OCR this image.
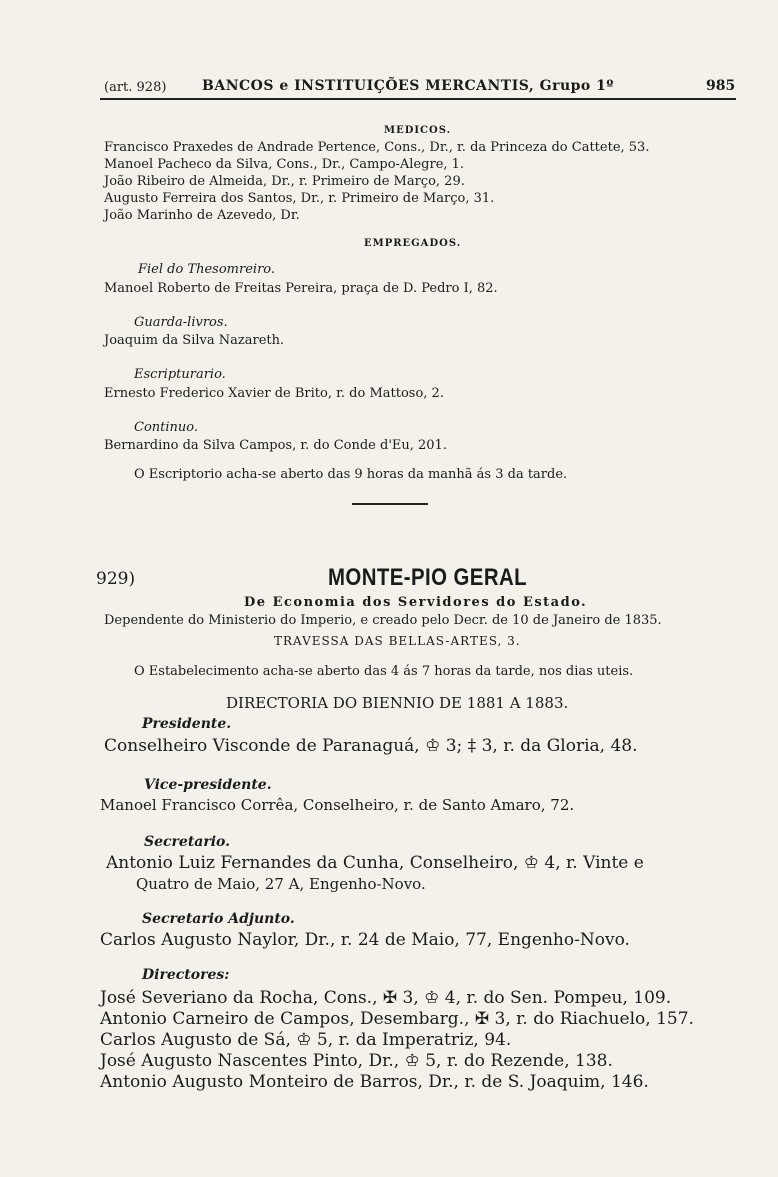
(art. 928)	BANCOS e INSTITUIÇÕES MERCANTIS, Grupo 1º	985
MEDICOS.
Francisco Praxedes de Andrade Pertence, Cons., Dr., r. da Princeza do Cattete, 53.
Manoel Pacheco da Silva, Cons., Dr., Campo-Alegre, 1.
João Ribeiro de Almeida, Dr., r. Primeiro de Março, 29.
Augusto Ferreira dos Santos, Dr., r. Primeiro de Março, 31.
João Marinho de Azevedo, Dr.
EMPREGADOS.
Fiel do Thesomreiro.
Manoel Roberto de Freitas Pereira, praça de D. Pedro I, 82.
Guarda-livros.
Joaquim da Silva Nazareth.
Escripturario.
Ernesto Frederico Xavier de Brito, r. do Mattoso, 2.
Continuo.
Bernardino da Silva Campos, r. do Conde d'Eu, 201.
O Escriptorio acha-se aberto das 9 horas da manhã ás 3 da tarde.
929)	MONTE-PIO GERAL
De Economia dos Servidores do Estado.
Dependente do Ministerio do Imperio, e creado pelo Decr. de 10 de Janeiro de 1835.
TRAVESSA DAS BELLAS-ARTES, 3.
O Estabelecimento acha-se aberto das 4 ás 7 horas da tarde, nos dias uteis.
DIRECTORIA DO BIENNIO DE 1881 A 1883.
Presidente.
Conselheiro Visconde de Paranaguá, ♔ 3; ‡ 3, r. da Gloria, 48.
Vice-presidente.
Manoel Francisco Corrêa, Conselheiro, r. de Santo Amaro, 72.
Secretario.
Antonio Luiz Fernandes da Cunha, Conselheiro, ♔ 4, r. Vinte e
Quatro de Maio, 27 A, Engenho-Novo.
Secretario Adjunto.
Carlos Augusto Naylor, Dr., r. 24 de Maio, 77, Engenho-Novo.
Directores:
José Severiano da Rocha, Cons., ✠ 3, ♔ 4, r. do Sen. Pompeu, 109.
Antonio Carneiro de Campos, Desembarg., ✠ 3, r. do Riachuelo, 157.
Carlos Augusto de Sá, ♔ 5, r. da Imperatriz, 94.
José Augusto Nascentes Pinto, Dr., ♔ 5, r. do Rezende, 138.
Antonio Augusto Monteiro de Barros, Dr., r. de S. Joaquim, 146.
